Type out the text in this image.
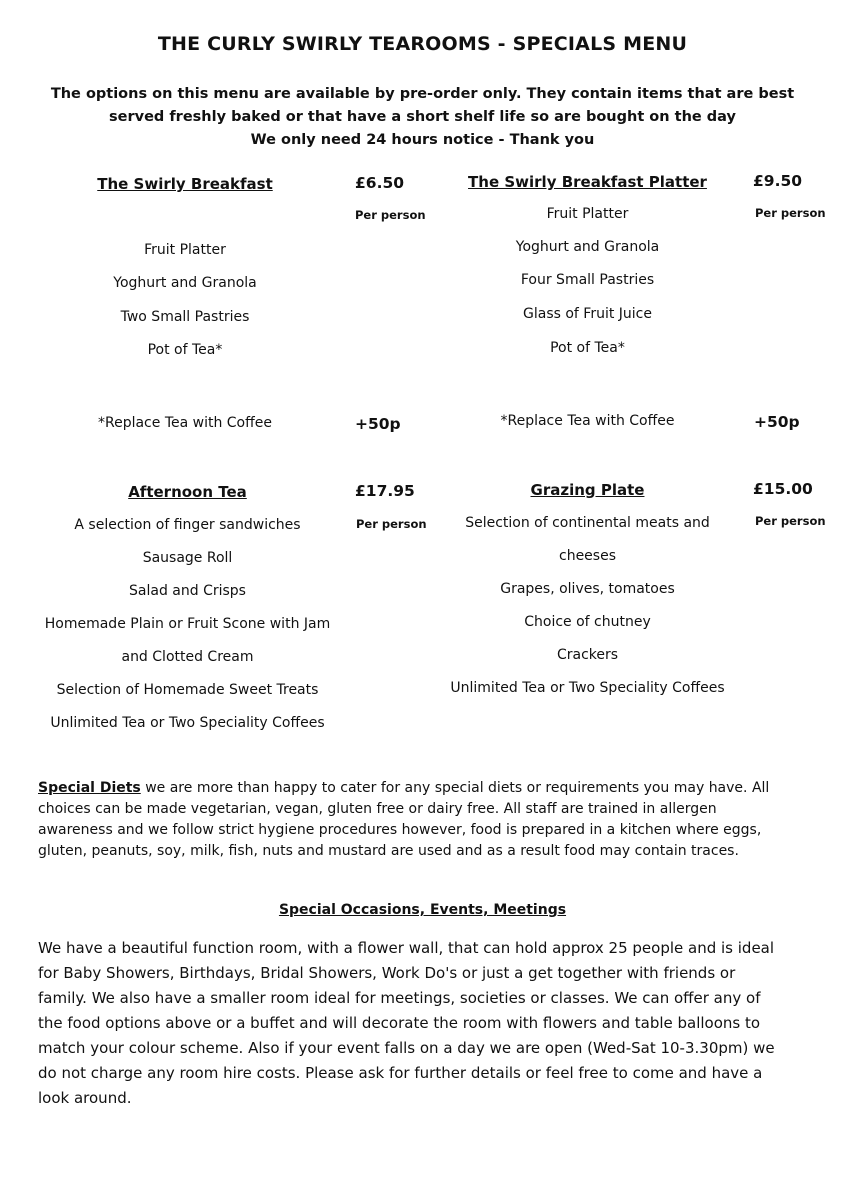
THE CURLY SWIRLY TEAROOMS - SPECIALS MENU
The options on this menu are available by pre-order only. They contain items that are best
served freshly baked or that have a short shelf life so are bought on the day
We only need 24 hours notice - Thank you
The Swirly Breakfast	£6.50
Per person
Fruit Platter
Yoghurt and Granola
Two Small Pastries
Pot of Tea*
*Replace Tea with Coffee	+50p
The Swirly Breakfast Platter	£9.50
Per person
Fruit Platter
Yoghurt and Granola
Four Small Pastries
Glass of Fruit Juice
Pot of Tea*
*Replace Tea with Coffee	+50p
Afternoon Tea	£17.95
Per person
A selection of finger sandwiches
Sausage Roll
Salad and Crisps
Homemade Plain or Fruit Scone with Jam
and Clotted Cream
Selection of Homemade Sweet Treats
Unlimited Tea or Two Speciality Coffees
Grazing Plate	£15.00
Per person
Selection of continental meats and
cheeses
Grapes, olives, tomatoes
Choice of chutney
Crackers
Unlimited Tea or Two Speciality Coffees
Special Diets we are more than happy to cater for any special diets or requirements you may have. All
choices can be made vegetarian, vegan, gluten free or dairy free. All staff are trained in allergen
awareness and we follow strict hygiene procedures however, food is prepared in a kitchen where eggs,
gluten, peanuts, soy, milk, fish, nuts and mustard are used and as a result food may contain traces.
Special Occasions, Events, Meetings
We have a beautiful function room, with a flower wall, that can hold approx 25 people and is ideal
for Baby Showers, Birthdays, Bridal Showers, Work Do's or just a get together with friends or
family. We also have a smaller room ideal for meetings, societies or classes. We can offer any of
the food options above or a buffet and will decorate the room with flowers and table balloons to
match your colour scheme. Also if your event falls on a day we are open (Wed-Sat 10-3.30pm) we
do not charge any room hire costs. Please ask for further details or feel free to come and have a
look around.
